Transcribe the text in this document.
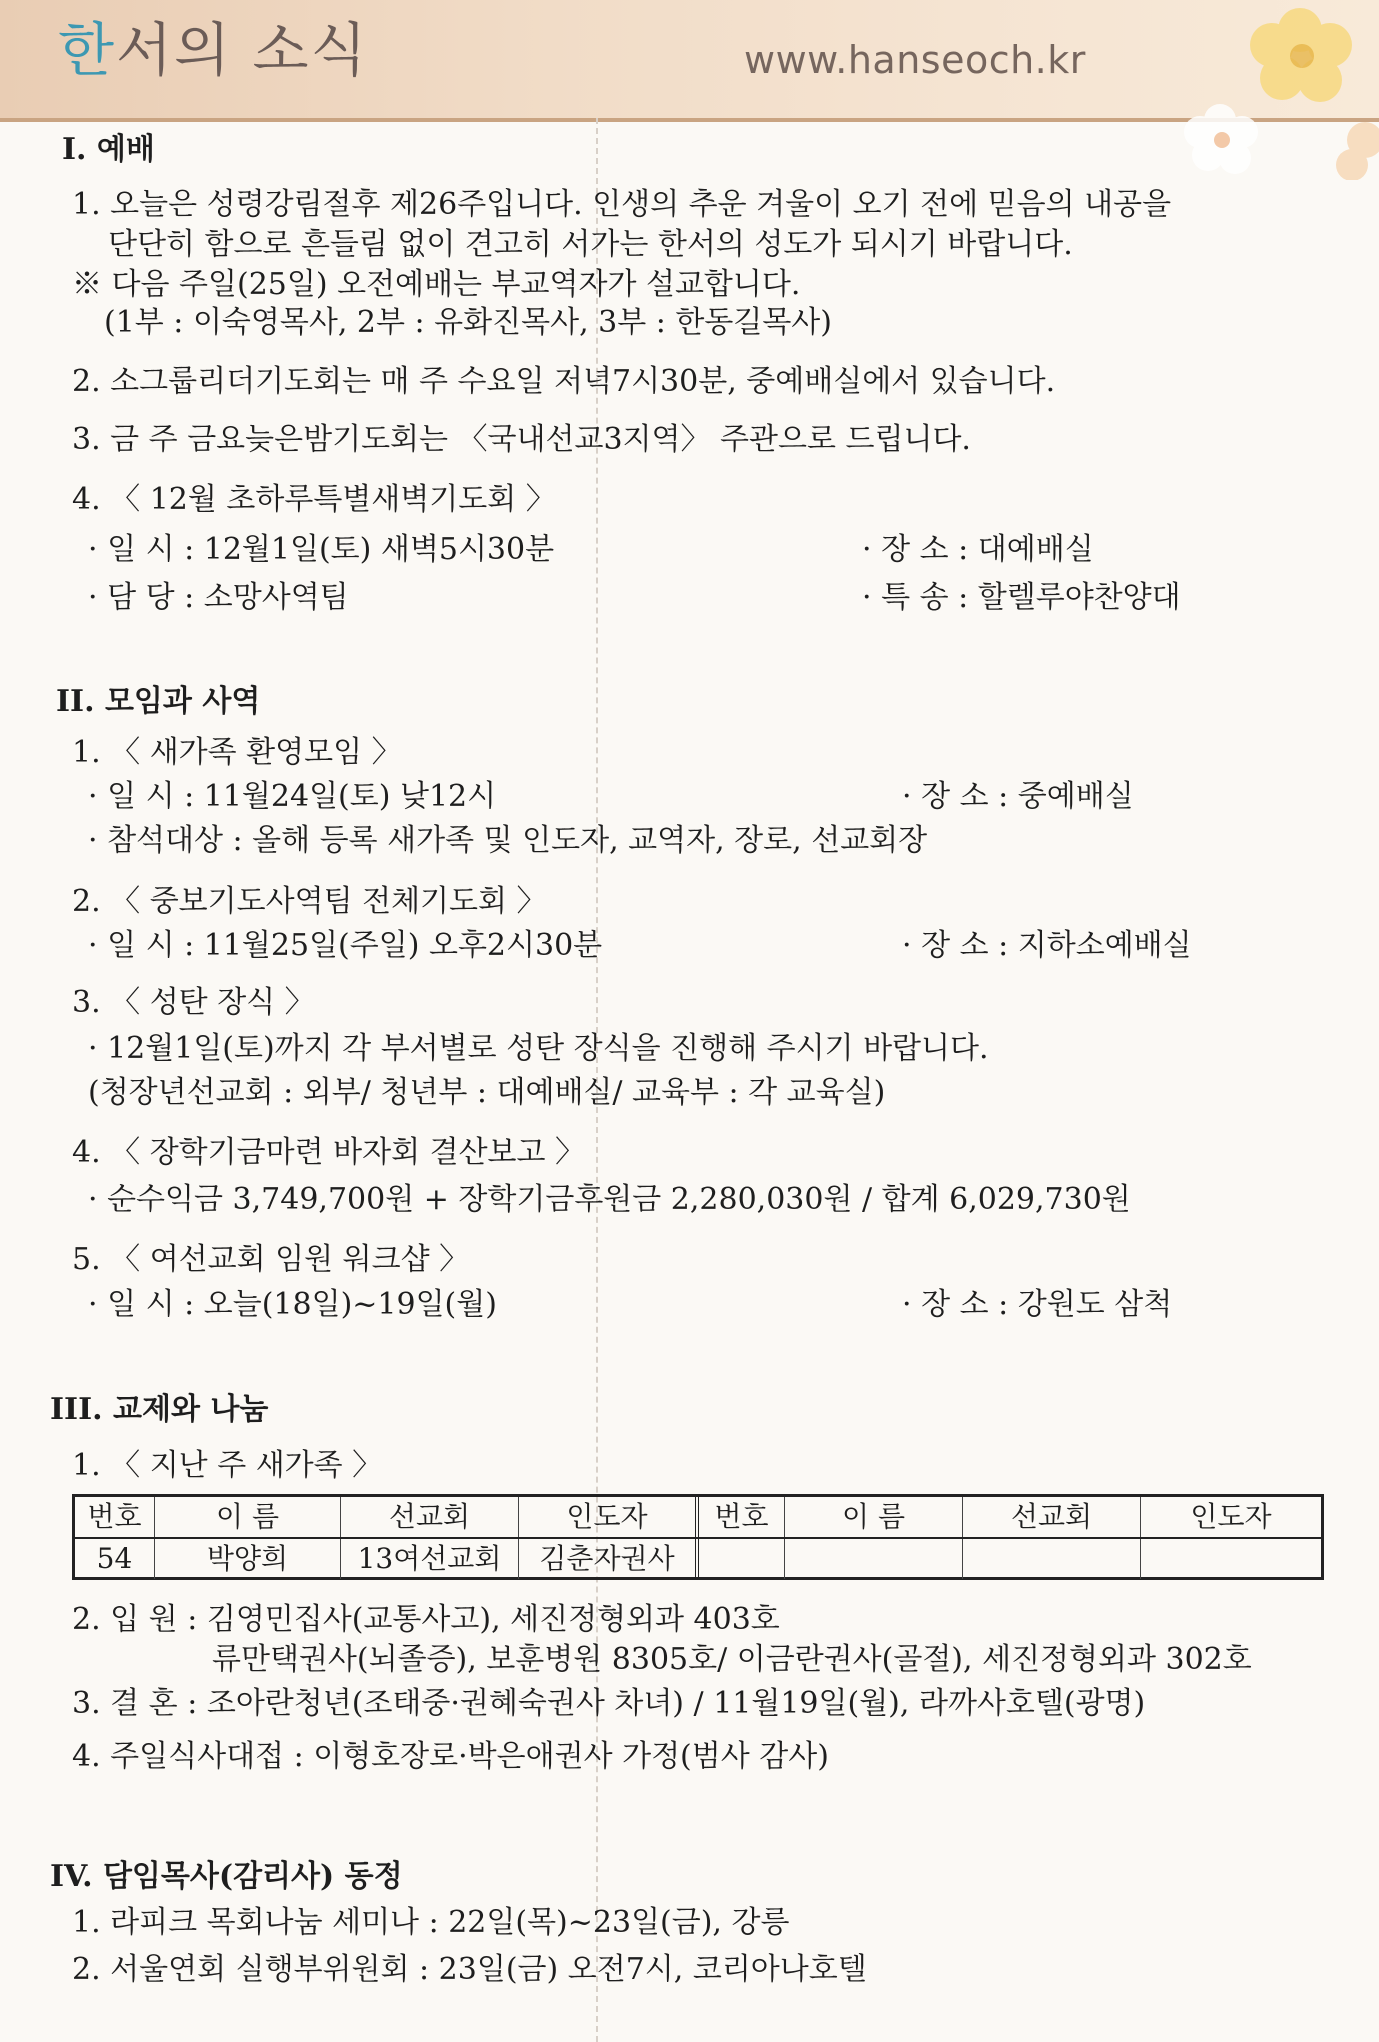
한서의 소식	www.hanseoch.kr
I. 예배
1. 오늘은 성령강림절후 제26주입니다. 인생의 추운 겨울이 오기 전에 믿음의 내공을
단단히 함으로 흔들림 없이 견고히 서가는 한서의 성도가 되시기 바랍니다.
※ 다음 주일(25일) 오전예배는 부교역자가 설교합니다.
(1부 : 이숙영목사, 2부 : 유화진목사, 3부 : 한동길목사)
2. 소그룹리더기도회는 매 주 수요일 저녁7시30분, 중예배실에서 있습니다.
3. 금 주 금요늦은밤기도회는 〈국내선교3지역〉 주관으로 드립니다.
4. 〈 12월 초하루특별새벽기도회 〉
· 일 시 : 12월1일(토) 새벽5시30분	· 장 소 : 대예배실
· 담 당 : 소망사역팀	· 특 송 : 할렐루야찬양대
II. 모임과 사역
1. 〈 새가족 환영모임 〉
· 일 시 : 11월24일(토) 낮12시	· 장 소 : 중예배실
· 참석대상 : 올해 등록 새가족 및 인도자, 교역자, 장로, 선교회장
2. 〈 중보기도사역팀 전체기도회 〉
· 일 시 : 11월25일(주일) 오후2시30분	· 장 소 : 지하소예배실
3. 〈 성탄 장식 〉
· 12월1일(토)까지 각 부서별로 성탄 장식을 진행해 주시기 바랍니다.
(청장년선교회 : 외부/ 청년부 : 대예배실/ 교육부 : 각 교육실)
4. 〈 장학기금마련 바자회 결산보고 〉
· 순수익금 3,749,700원 + 장학기금후원금 2,280,030원 / 합계 6,029,730원
5. 〈 여선교회 임원 워크샵 〉
· 일 시 : 오늘(18일)~19일(월)	· 장 소 : 강원도 삼척
III. 교제와 나눔
1. 〈 지난 주 새가족 〉
번호	이 름	선교회	인도자	번호	이 름	선교회	인도자
54	박양희	13여선교회	김춘자권사
2. 입 원 : 김영민집사(교통사고), 세진정형외과 403호
류만택권사(뇌졸증), 보훈병원 8305호/ 이금란권사(골절), 세진정형외과 302호
3. 결 혼 : 조아란청년(조태중·권혜숙권사 차녀) / 11월19일(월), 라까사호텔(광명)
4. 주일식사대접 : 이형호장로·박은애권사 가정(범사 감사)
IV. 담임목사(감리사) 동정
1. 라피크 목회나눔 세미나 : 22일(목)~23일(금), 강릉
2. 서울연회 실행부위원회 : 23일(금) 오전7시, 코리아나호텔
